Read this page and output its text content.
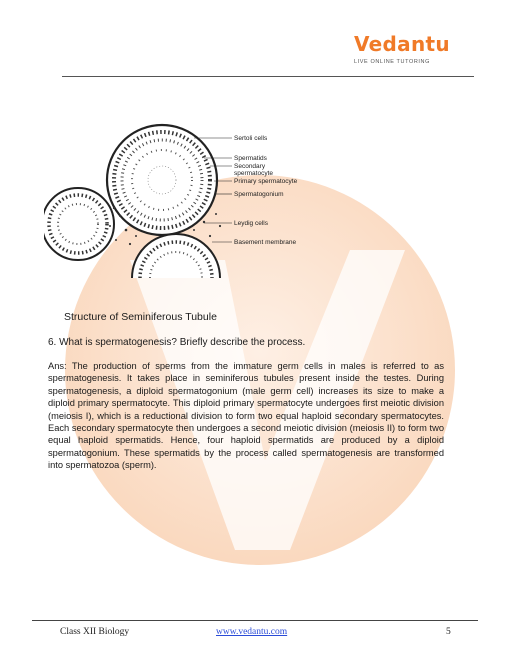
Vedantu
LIVE ONLINE TUTORING
Sertoli cells
Spermatids
Secondary
spermatocyte
Primary spermatocyte
Spermatogonium
Leydig cells
Basement membrane
Structure of Seminiferous Tubule
6. What is spermatogenesis? Briefly describe the process.
Ans: The production of sperms from the immature germ cells in males is referred to as spermatogenesis. It takes place in seminiferous tubules present inside the testes. During spermatogenesis, a diploid spermatogonium (male germ cell) increases its size to make a diploid primary spermatocyte. This diploid primary spermatocyte undergoes first meiotic division (meiosis I), which is a reductional division to form two equal haploid secondary spermatocytes. Each secondary spermatocyte then undergoes a second meiotic division (meiosis II) to form two equal haploid spermatids. Hence, four haploid spermatids are produced by a diploid spermatogonium. These spermatids by the process called spermatogenesis are transformed into spermatozoa (sperm).
Class XII Biology	www.vedantu.com	5
